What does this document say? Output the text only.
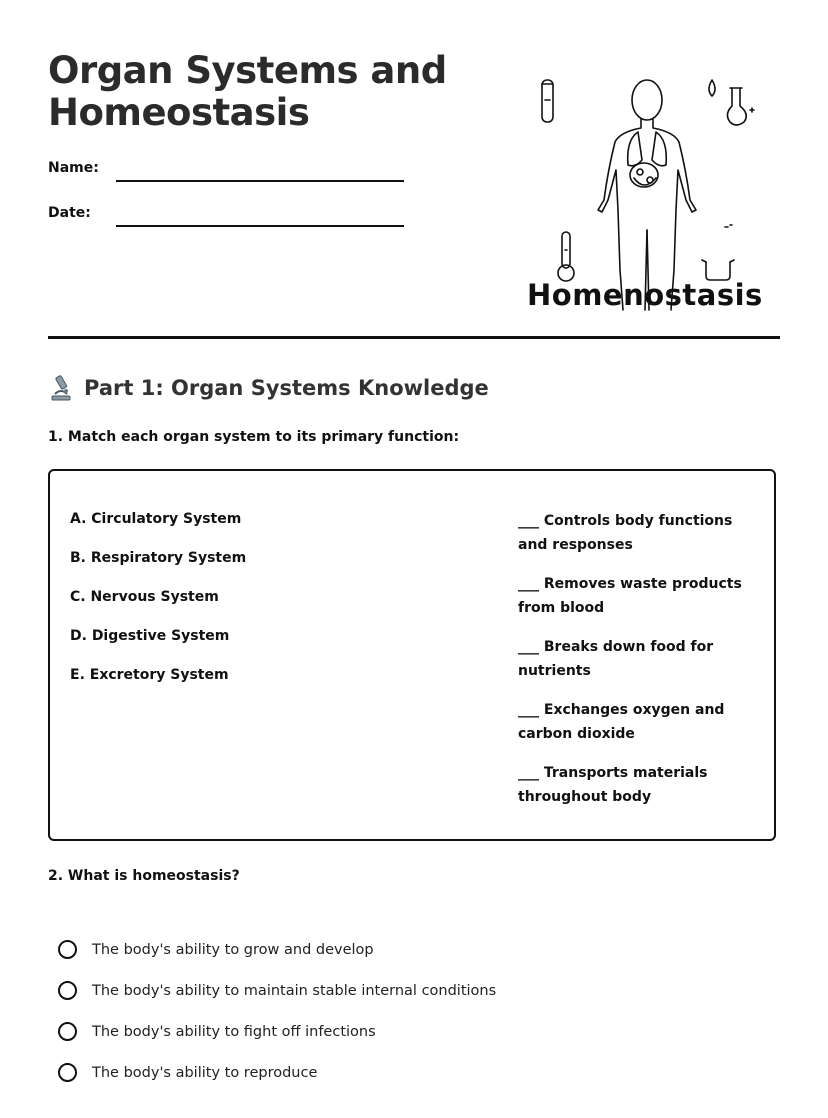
Organ Systems and
Homeostasis
Name:
Date:
Homenostasis
Part 1: Organ Systems Knowledge
1. Match each organ system to its primary function:
A. Circulatory System
B. Respiratory System
C. Nervous System
D. Digestive System
E. Excretory System
___ Controls body functions and responses
___ Removes waste products from blood
___ Breaks down food for nutrients
___ Exchanges oxygen and carbon dioxide
___ Transports materials throughout body
2. What is homeostasis?
The body's ability to grow and develop
The body's ability to maintain stable internal conditions
The body's ability to fight off infections
The body's ability to reproduce
